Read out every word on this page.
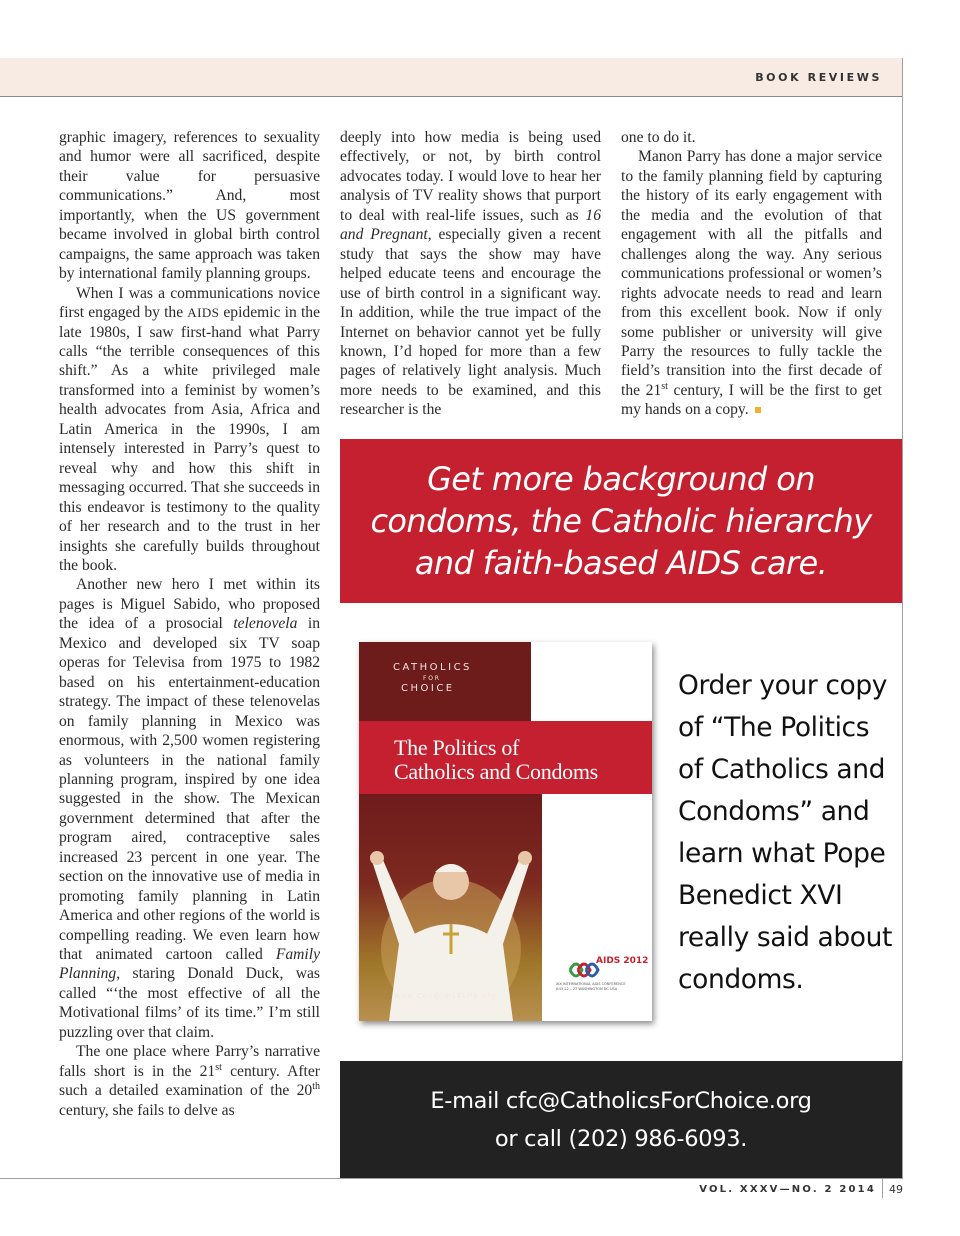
BOOK REVIEWS

graphic imagery, references to sexuality and humor were all sacrificed, despite their value for persuasive communications.” And, most importantly, when the US government became involved in global birth control campaigns, the same approach was taken by international family planning groups.

When I was a communications novice first engaged by the AIDS epidemic in the late 1980s, I saw first-hand what Parry calls “the terrible consequences of this shift.” As a white privileged male transformed into a feminist by women’s health advocates from Asia, Africa and Latin America in the 1990s, I am intensely interested in Parry’s quest to reveal why and how this shift in messaging occurred. That she succeeds in this endeavor is testimony to the quality of her research and to the trust in her insights she carefully builds throughout the book.

Another new hero I met within its pages is Miguel Sabido, who proposed the idea of a prosocial telenovela in Mexico and developed six TV soap operas for Televisa from 1975 to 1982 based on his entertainment-education strategy. The impact of these telenovelas on family planning in Mexico was enormous, with 2,500 women registering as volunteers in the national family planning program, inspired by one idea suggested in the show. The Mexican government determined that after the program aired, contraceptive sales increased 23 percent in one year. The section on the innovative use of media in promoting family planning in Latin America and other regions of the world is compelling reading. We even learn how that animated cartoon called Family Planning, staring Donald Duck, was called “‘the most effective of all the Motivational films’ of its time.” I’m still puzzling over that claim.

The one place where Parry’s narrative falls short is in the 21st century. After such a detailed examination of the 20th century, she fails to delve as

deeply into how media is being used effectively, or not, by birth control advocates today. I would love to hear her analysis of TV reality shows that purport to deal with real-life issues, such as 16 and Pregnant, especially given a recent study that says the show may have helped educate teens and encourage the use of birth control in a significant way. In addition, while the true impact of the Internet on behavior cannot yet be fully known, I’d hoped for more than a few pages of relatively light analysis. Much more needs to be examined, and this researcher is the

one to do it.

Manon Parry has done a major service to the family planning field by capturing the history of its early engagement with the media and the evolution of that engagement with all the pitfalls and challenges along the way. Any serious communications professional or women’s rights advocate needs to read and learn from this excellent book. Now if only some publisher or university will give Parry the resources to fully tackle the field’s transition into the first decade of the 21st century, I will be the first to get my hands on a copy.

Get more background on condoms, the Catholic hierarchy and faith-based AIDS care.
CATHOLICS
FOR
CHOICE
The Politics of
Catholics and Condoms
www.Condoms4Life.org
AIDS 2012
XIX INTERNATIONAL AIDS CONFERENCE JULY 22 – 27 WASHINGTON DC USA
Order your copy of “The Politics of Catholics and Condoms” and learn what Pope Benedict XVI really said about condoms.
E-mail cfc@CatholicsForChoice.org
or call (202) 986-6093.
VOL. XXXV—NO. 2 2014 49
